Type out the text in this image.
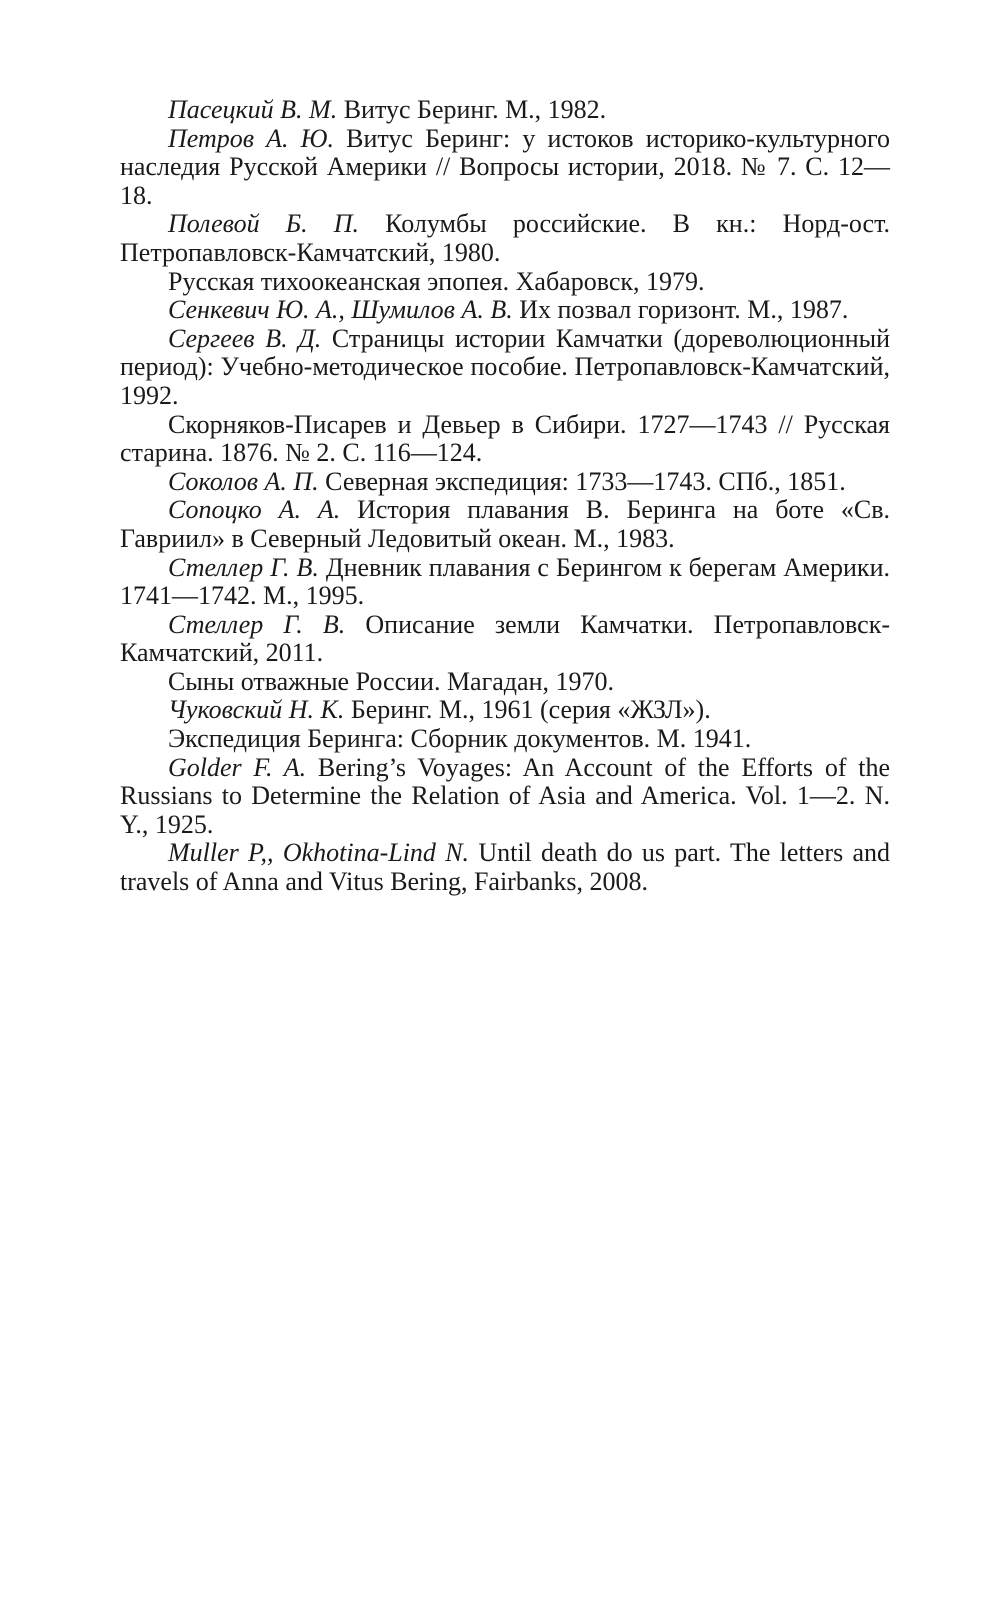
Пасецкий В. М. Витус Беринг. М., 1982.

Петров А. Ю. Витус Беринг: у истоков историко-культурного наследия Русской Америки // Вопросы истории, 2018. № 7. С. 12—18.

Полевой Б. П. Колумбы российские. В кн.: Норд-ост. Петропавловск-Камчатский, 1980.

Русская тихоокеанская эпопея. Хабаровск, 1979.

Сенкевич Ю. А., Шумилов А. В. Их позвал горизонт. М., 1987.

Сергеев В. Д. Страницы истории Камчатки (дореволюционный период): Учебно-методическое пособие. Петропавловск-Камчатский, 1992.

Скорняков-Писарев и Девьер в Сибири. 1727—1743 // Русская старина. 1876. № 2. С. 116—124.

Соколов А. П. Северная экспедиция: 1733—1743. СПб., 1851.

Сопоцко А. А. История плавания В. Беринга на боте «Св. Гавриил» в Северный Ледовитый океан. М., 1983.

Стеллер Г. В. Дневник плавания с Берингом к берегам Америки. 1741—1742. М., 1995.

Стеллер Г. В. Описание земли Камчатки. Петропавловск-Камчатский, 2011.

Сыны отважные России. Магадан, 1970.

Чуковский Н. К. Беринг. М., 1961 (серия «ЖЗЛ»).

Экспедиция Беринга: Сборник документов. М. 1941.

Golder F. A. Bering’s Voyages: An Account of the Efforts of the Russians to Determine the Relation of Asia and America. Vol. 1—2. N. Y., 1925.

Muller P,, Okhotina-Lind N. Until death do us part. The letters and travels of Anna and Vitus Bering, Fairbanks, 2008.
